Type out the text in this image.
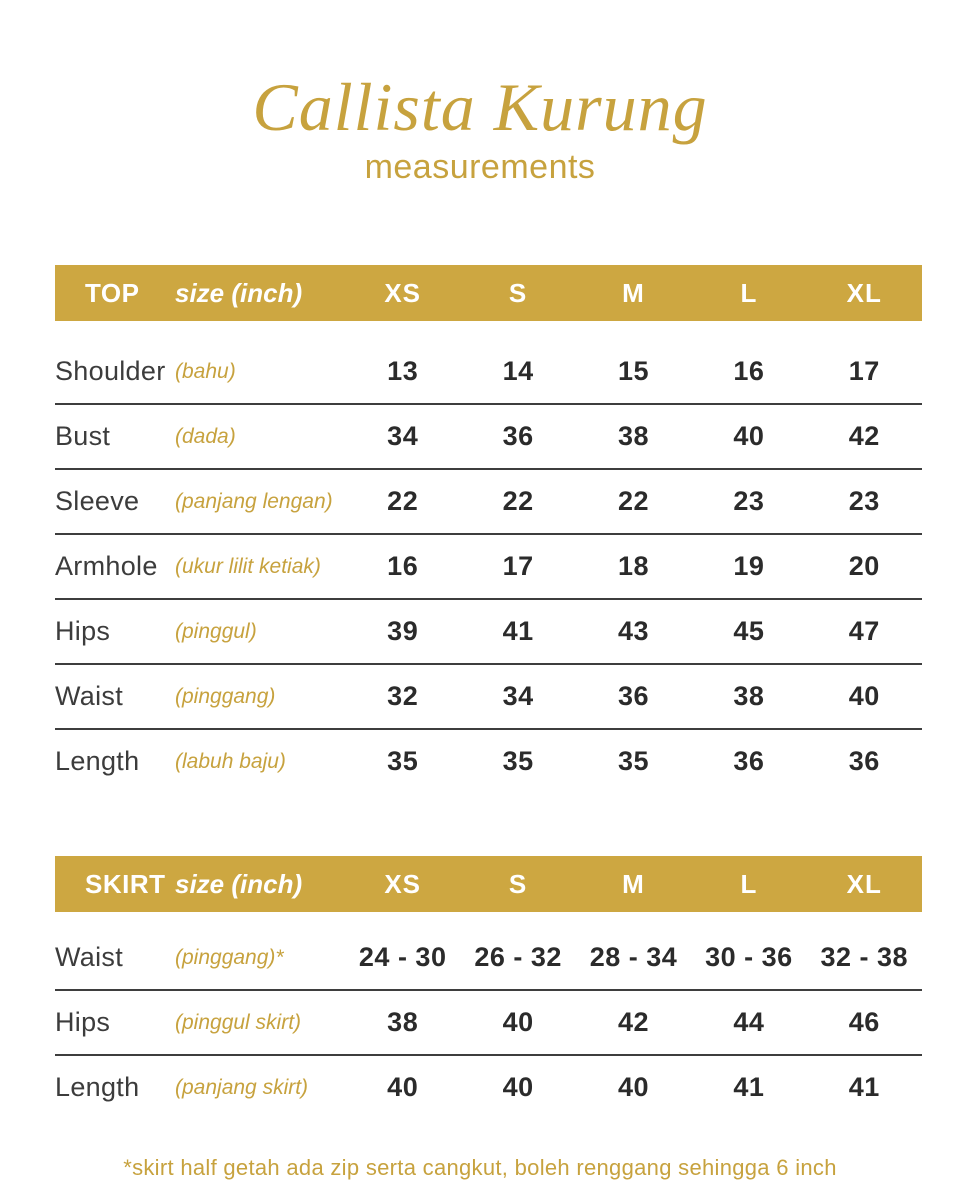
Callista Kurung
measurements
TOP	size (inch)	XS	S	M	L	XL
Shoulder (bahu)	13	14	15	16	17
Bust	(dada)	34	36	38	40	42
Sleeve	(panjang lengan)	22	22	22	23	23
Armhole (ukur lilit ketiak)	16	17	18	19	20
Hips	(pinggul)	39	41	43	45	47
Waist	(pinggang)	32	34	36	38	40
Length	(labuh baju)	35	35	35	36	36
SKIRT size (inch)	XS	S	M	L	XL
Waist	(pinggang)*	24 - 30	26 - 32	28 - 34	30 - 36	32 - 38
Hips	(pinggul skirt)	38	40	42	44	46
Length	(panjang skirt)	40	40	40	41	41
*skirt half getah ada zip serta cangkut, boleh renggang sehingga 6 inch
